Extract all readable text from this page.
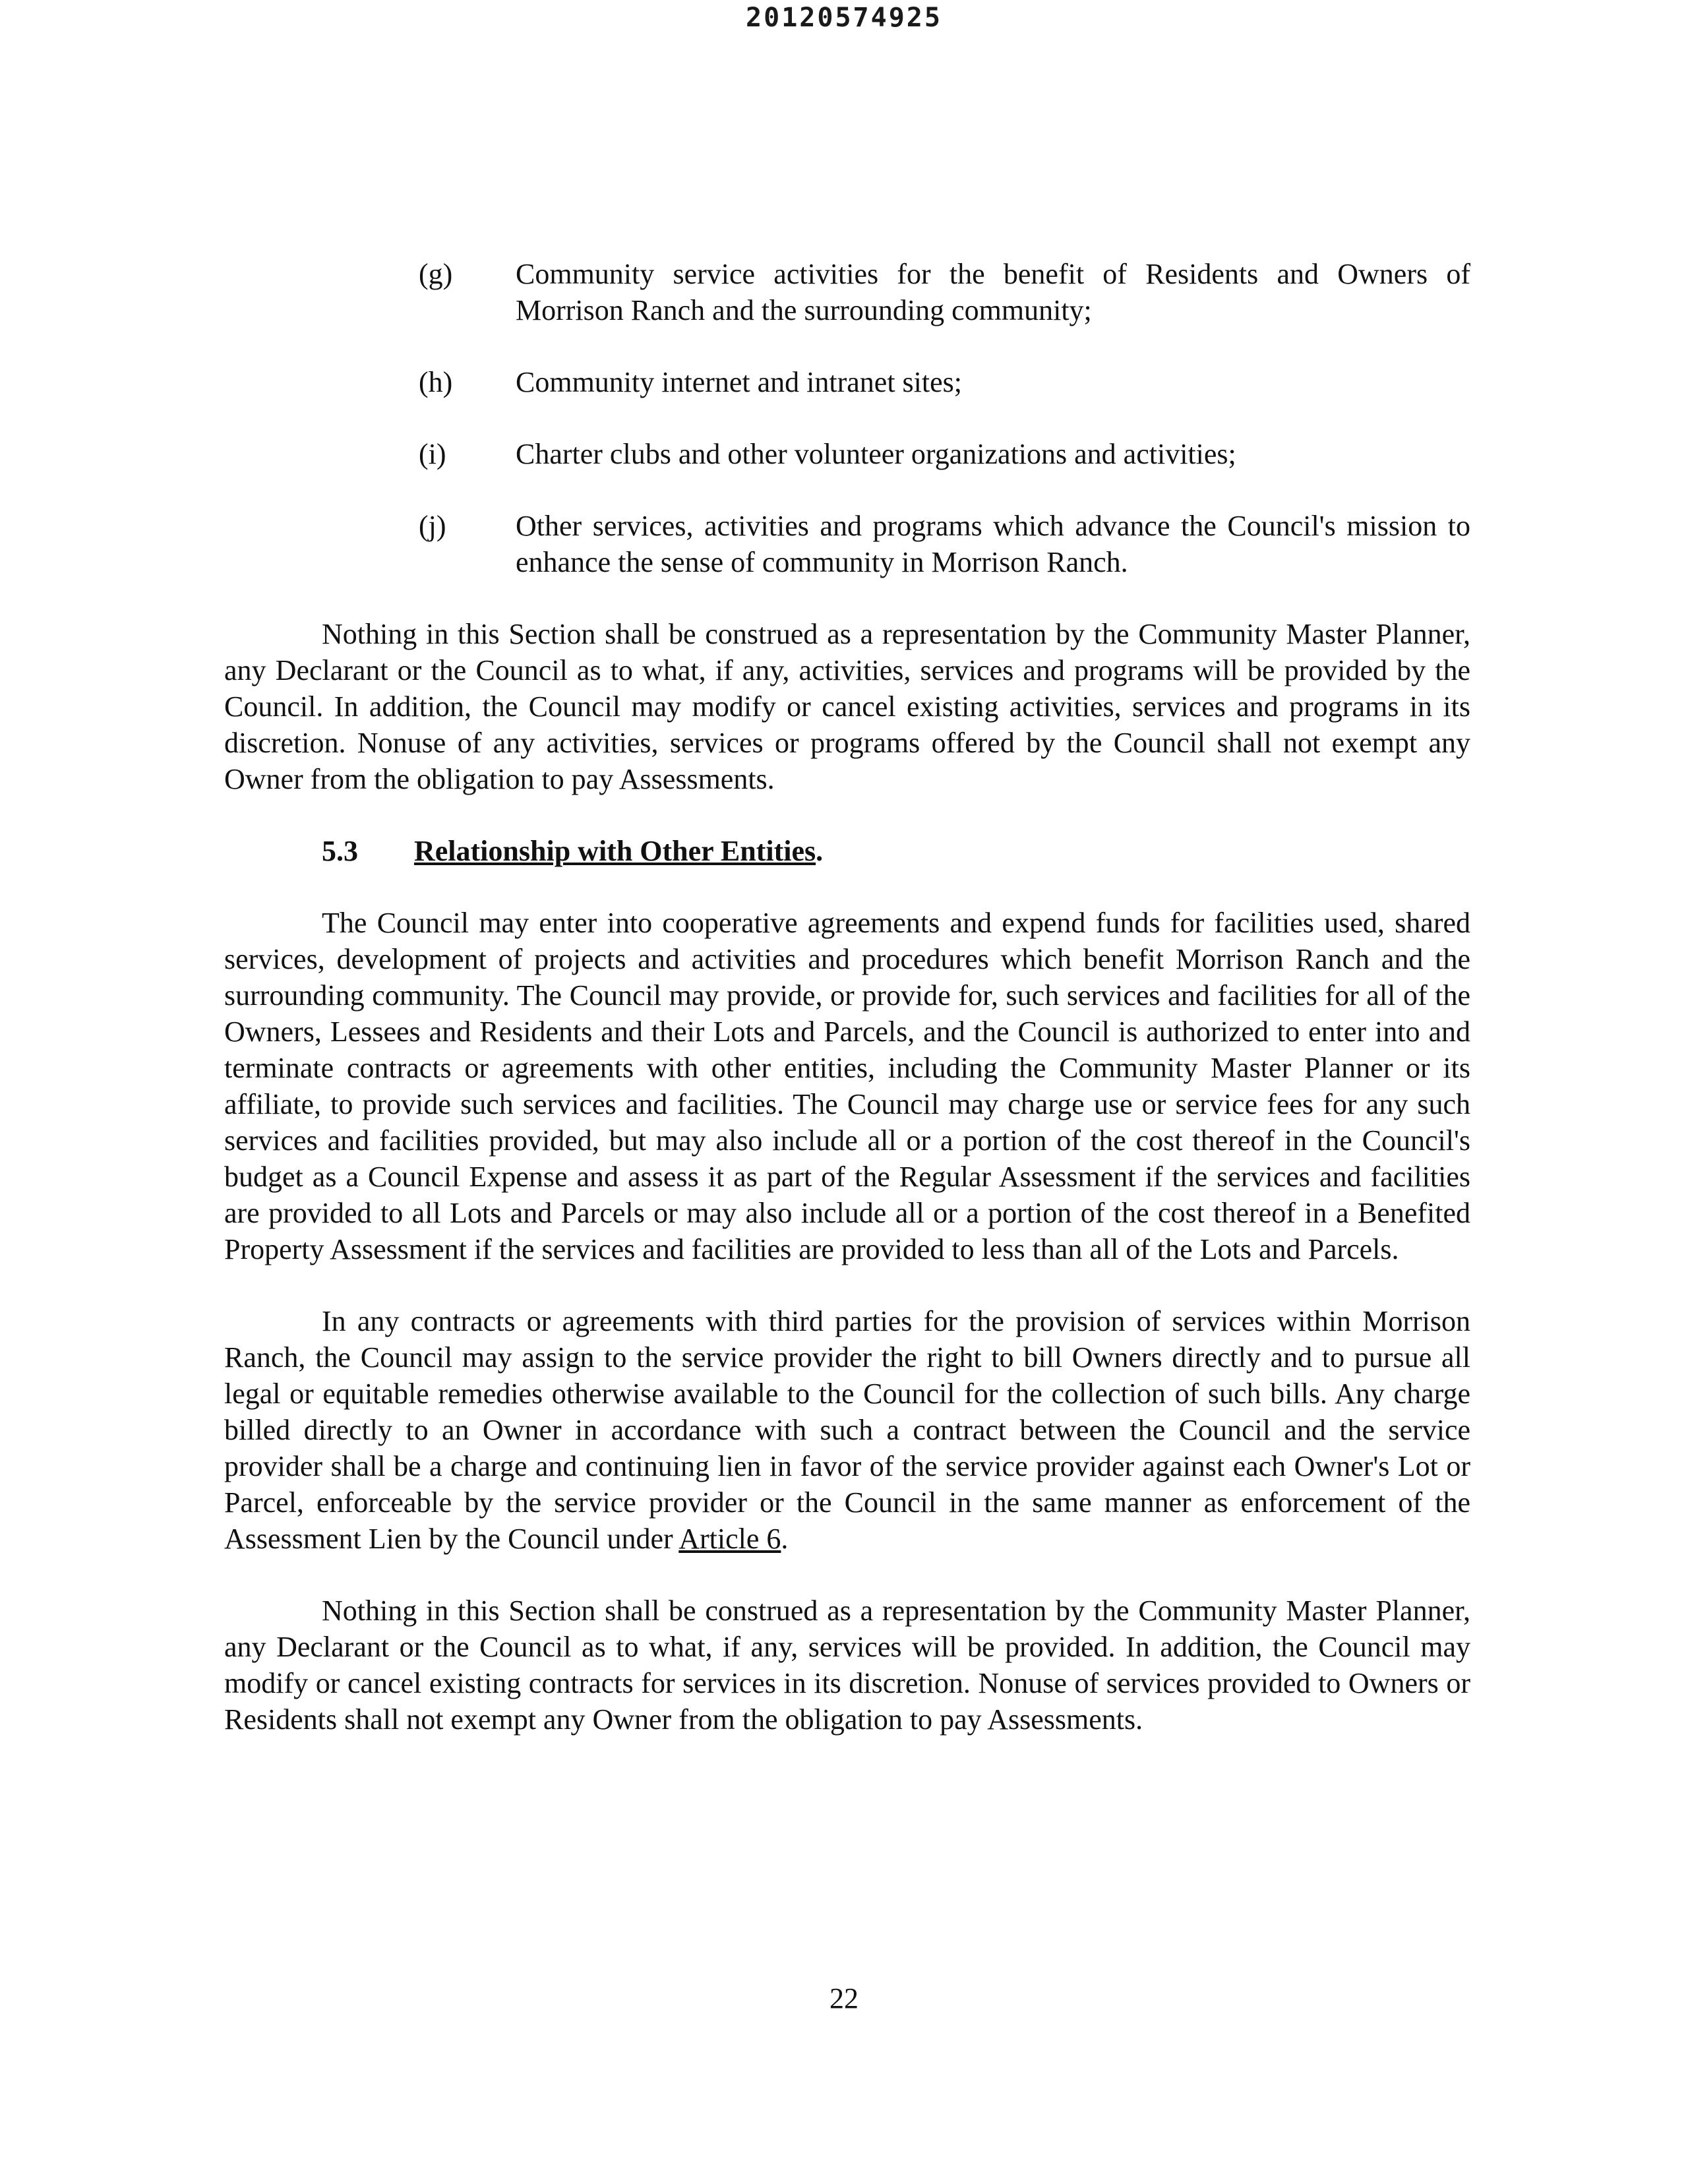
20120574925
(g) Community service activities for the benefit of Residents and Owners of Morrison Ranch and the surrounding community;
(h) Community internet and intranet sites;
(i) Charter clubs and other volunteer organizations and activities;
(j) Other services, activities and programs which advance the Council's mission to enhance the sense of community in Morrison Ranch.

Nothing in this Section shall be construed as a representation by the Community Master Planner, any Declarant or the Council as to what, if any, activities, services and programs will be provided by the Council. In addition, the Council may modify or cancel existing activities, services and programs in its discretion. Nonuse of any activities, services or programs offered by the Council shall not exempt any Owner from the obligation to pay Assessments.

5.3 Relationship with Other Entities.

The Council may enter into cooperative agreements and expend funds for facilities used, shared services, development of projects and activities and procedures which benefit Morrison Ranch and the surrounding community. The Council may provide, or provide for, such services and facilities for all of the Owners, Lessees and Residents and their Lots and Parcels, and the Council is authorized to enter into and terminate contracts or agreements with other entities, including the Community Master Planner or its affiliate, to provide such services and facilities. The Council may charge use or service fees for any such services and facilities provided, but may also include all or a portion of the cost thereof in the Council's budget as a Council Expense and assess it as part of the Regular Assessment if the services and facilities are provided to all Lots and Parcels or may also include all or a portion of the cost thereof in a Benefited Property Assessment if the services and facilities are provided to less than all of the Lots and Parcels.

In any contracts or agreements with third parties for the provision of services within Morrison Ranch, the Council may assign to the service provider the right to bill Owners directly and to pursue all legal or equitable remedies otherwise available to the Council for the collection of such bills. Any charge billed directly to an Owner in accordance with such a contract between the Council and the service provider shall be a charge and continuing lien in favor of the service provider against each Owner's Lot or Parcel, enforceable by the service provider or the Council in the same manner as enforcement of the Assessment Lien by the Council under Article 6.

Nothing in this Section shall be construed as a representation by the Community Master Planner, any Declarant or the Council as to what, if any, services will be provided. In addition, the Council may modify or cancel existing contracts for services in its discretion. Nonuse of services provided to Owners or Residents shall not exempt any Owner from the obligation to pay Assessments.

22
